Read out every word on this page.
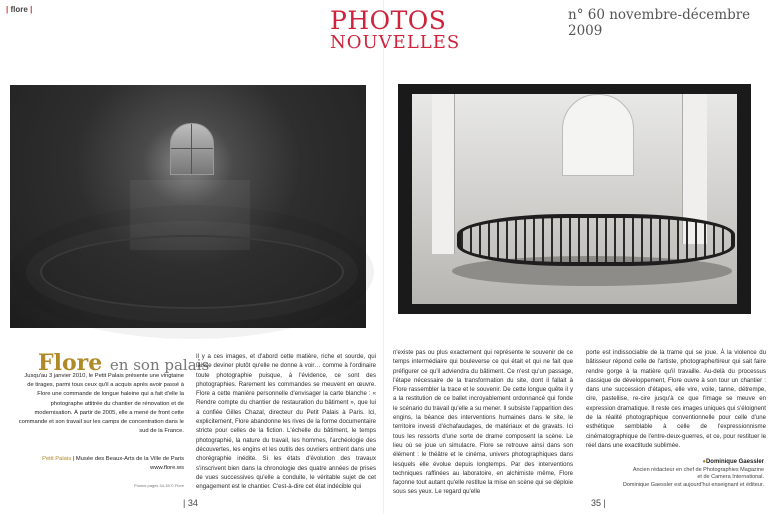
| flore |	PHOTOS
NOUVELLES
n° 60 novembre-décembre 2009
Flore en son palais
Jusqu'au 3 janvier 2010, le Petit Palais présente une vingtaine de tirages, parmi tous ceux qu'il a acquis après avoir passé à Flore une commande de longue haleine qui a fait d'elle la photographe attitrée du chantier de rénovation et de modernisation. À partir de 2005, elle a mené de front cette commande et son travail sur les camps de concentration dans le sud de la France.
Petit Palais | Musée des Beaux-Arts de la Ville de Paris
www.flore.ws
Photos pages 34-35 © Flore
Il y a ces images, et d'abord cette matière, riche et sourde, qui laisse deviner plutôt qu'elle ne donne à voir… comme à l'ordinaire toute photographie puisque, à l'évidence, ce sont des photographies. Rarement les commandes se meuvent en œuvre. Flore a cette manière personnelle d'envisager la carte blanche : « Rendre compte du chantier de restauration du bâtiment », que lui a confiée Gilles Chazal, directeur du Petit Palais à Paris. Ici, explicitement, Flore abandonne les rives de la forme documentaire stricte pour celles de la fiction. L'échelle du bâtiment, le temps photographié, la nature du travail, les hommes, l'archéologie des découvertes, les engins et les outils des ouvriers entrent dans une chorégraphie inédite. Si les états d'évolution des travaux s'inscrivent bien dans la chronologie des quatre années de prises de vues successives qu'elle a conduite, le véritable sujet de cet engagement est le chantier. C'est-à-dire cet état indécible qui
n'existe pas ou plus exactement qui représente le souvenir de ce temps intermédiaire qui bouleverse ce qui était et qui ne fait que préfigurer ce qu'il adviendra du bâtiment. Ce n'est qu'un passage, l'étape nécessaire de la transformation du site, dont il fallait à Flore rassembler la trace et le souvenir. De cette longue quête il y a la restitution de ce ballet incroyablement ordonnancé qui fonde le scénario du travail qu'elle a su mener. Il subsiste l'apparition des engins, la béance des interventions humaines dans le site, le territoire investi d'échafaudages, de matériaux et de gravats. Ici tous les ressorts d'une sorte de drame composent la scène. Le lieu où se joue un simulacre. Flore se retrouve ainsi dans son élément : le théâtre et le cinéma, univers photographiques dans lesquels elle évolue depuis longtemps. Par des interventions techniques raffinées au laboratoire, en alchimiste même, Flore façonne tout autant qu'elle restitue la mise en scène qui se déploie sous ses yeux. Le regard qu'elle
porte est indissociable de la trame qui se joue. À la violence du bâtisseur répond celle de l'artiste, photographe/tireur qui sait faire rendre gorge à la matière qu'il travaille. Au-delà du processus classique de développement, Flore ouvre à son tour un chantier : dans une succession d'étapes, elle vire, voile, tanne, détrempe, cire, pastellise, re-cire jusqu'à ce que l'image se meuve en expression dramatique. Il reste ces images uniques qui s'éloignent de la réalité photographique conventionnelle pour celle d'une esthétique semblable à celle de l'expressionnisme cinématographique de l'entre-deux-guerres, et ce, pour restituer le réel dans une exactitude sublimée.
● Dominique Gaessler
Ancien rédacteur en chef de Photographies Magazine
et de Camera International.
Dominique Gaessler est aujourd'hui enseignant et éditeur.
| 34	35 |
